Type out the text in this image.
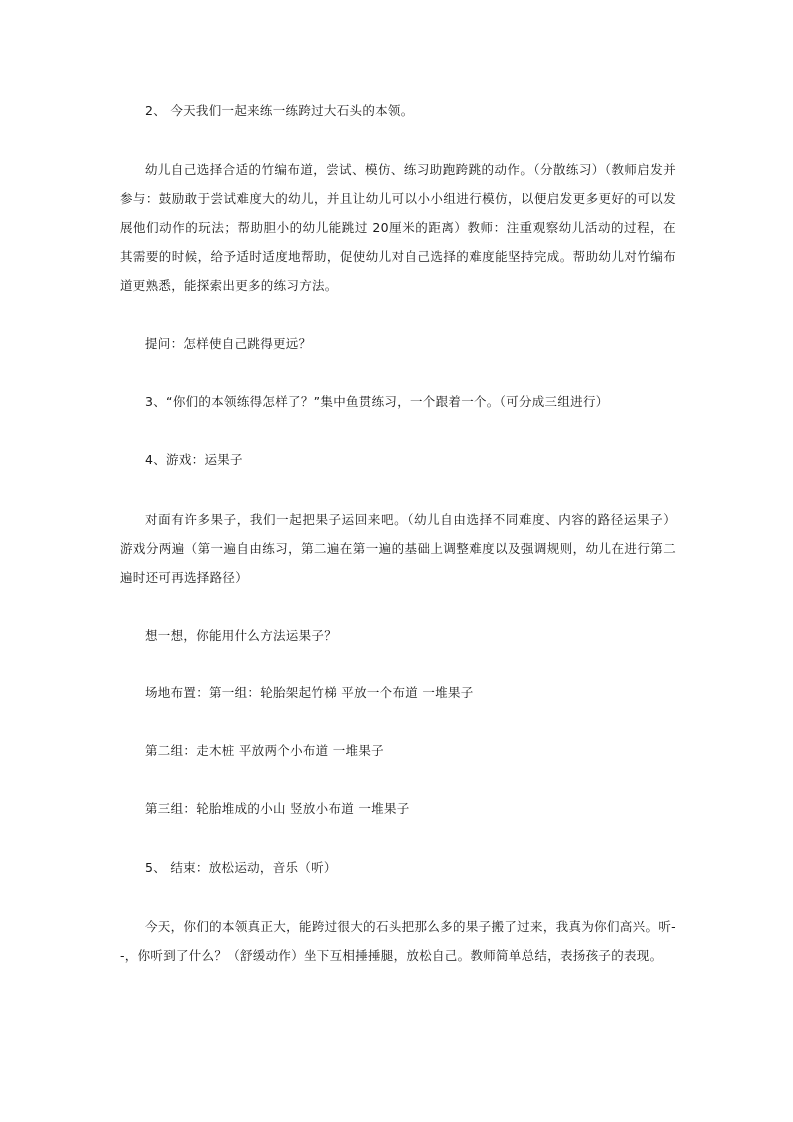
2、 今天我们一起来练一练跨过大石头的本领。

幼儿自己选择合适的竹编布道，尝试、模仿、练习助跑跨跳的动作。（分散练习）（教师启发并参与：鼓励敢于尝试难度大的幼儿，并且让幼儿可以小小组进行模仿，以便启发更多更好的可以发展他们动作的玩法；帮助胆小的幼儿能跳过 20厘米的距离）教师：注重观察幼儿活动的过程，在其需要的时候，给予适时适度地帮助，促使幼儿对自己选择的难度能坚持完成。帮助幼儿对竹编布道更熟悉，能探索出更多的练习方法。

提问：怎样使自己跳得更远？

3、“你们的本领练得怎样了？”集中鱼贯练习，一个跟着一个。（可分成三组进行）

4、游戏：运果子

对面有许多果子，我们一起把果子运回来吧。（幼儿自由选择不同难度、内容的路径运果子）游戏分两遍（第一遍自由练习，第二遍在第一遍的基础上调整难度以及强调规则，幼儿在进行第二遍时还可再选择路径）

想一想，你能用什么方法运果子？

场地布置：第一组：轮胎架起竹梯 平放一个布道 一堆果子

第二组：走木桩 平放两个小布道 一堆果子

第三组：轮胎堆成的小山 竖放小布道 一堆果子

5、 结束：放松运动，音乐（听）

今天，你们的本领真正大，能跨过很大的石头把那么多的果子搬了过来，我真为你们高兴。听--，你听到了什么？（舒缓动作）坐下互相捶捶腿，放松自己。教师简单总结，表扬孩子的表现。
